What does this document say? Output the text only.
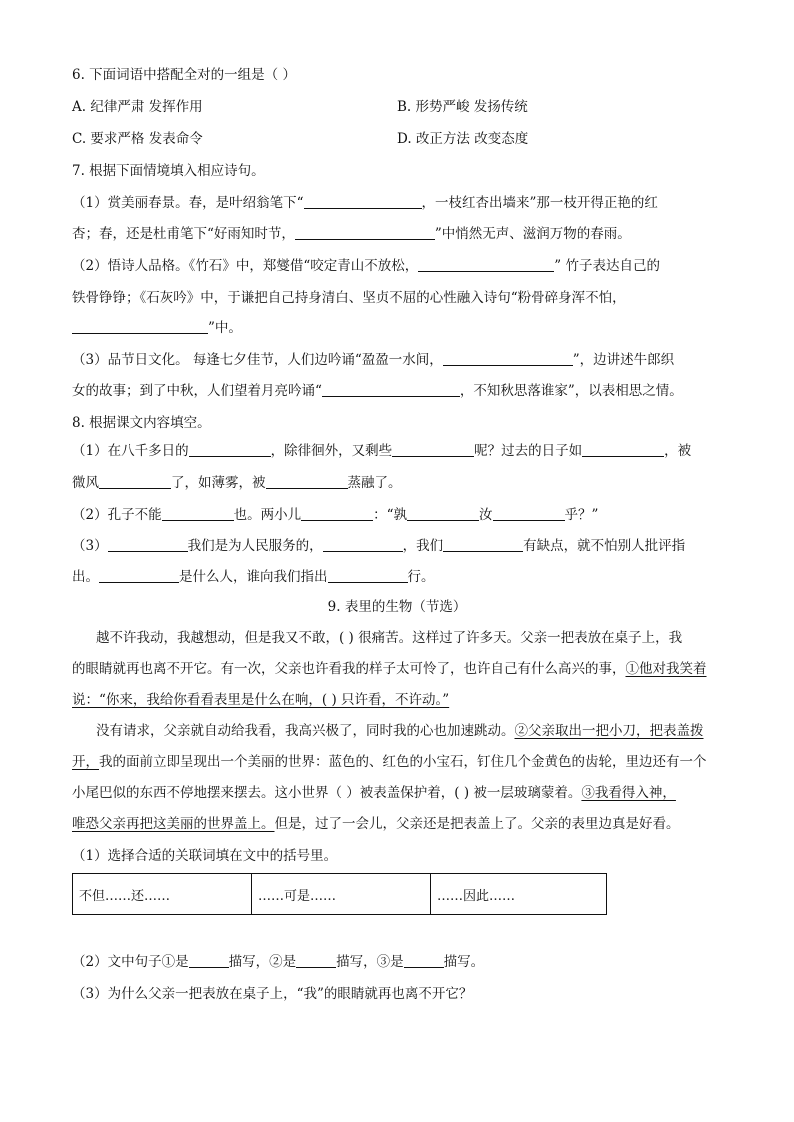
6. 下面词语中搭配全对的一组是（ ）
A. 纪律严肃 发挥作用	B. 形势严峻 发扬传统
C. 要求严格 发表命令	D. 改正方法 改变态度
7. 根据下面情境填入相应诗句。
（1）赏美丽春景。春，是叶绍翁笔下“	，一枝红杏出墙来”那一枝开得正艳的红
杏；春，还是杜甫笔下“好雨知时节，	”中悄然无声、滋润万物的春雨。
（2）悟诗人品格。《竹石》中，郑燮借“咬定青山不放松，	” 竹子表达自己的
铁骨铮铮；《石灰吟》中，于谦把自己持身清白、坚贞不屈的心性融入诗句“粉骨碎身浑不怕，
”中。
（3）品节日文化。 每逢七夕佳节，人们边吟诵“盈盈一水间，	”，边讲述牛郎织
女的故事；到了中秋，人们望着月亮吟诵“	，不知秋思落谁家”，以表相思之情。
8. 根据课文内容填空。
（1）在八千多日的	，除徘徊外，又剩些	呢？过去的日子如	，被
微风	了，如薄雾，被	蒸融了。
（2）孔子不能	也。两小儿	：“孰	汝	乎？”
（3）	我们是为人民服务的，	，我们	有缺点，就不怕别人批评指
出。	是什么人，谁向我们指出	行。
9. 表里的生物（节选）
越不许我动，我越想动，但是我又不敢，( ) 很痛苦。这样过了许多天。父亲一把表放在桌子上，我
的眼睛就再也离不开它。有一次，父亲也许看我的样子太可怜了，也许自己有什么高兴的事，①他对我笑着
说：“你来，我给你看看表里是什么在响，( ) 只许看，不许动。”
没有请求，父亲就自动给我看，我高兴极了，同时我的心也加速跳动。②父亲取出一把小刀，把表盖拨
开，我的面前立即呈现出一个美丽的世界：蓝色的、红色的小宝石，钉住几个金黄色的齿轮，里边还有一个
小尾巴似的东西不停地摆来摆去。这小世界（ ）被表盖保护着，( ) 被一层玻璃蒙着。③我看得入神，
唯恐父亲再把这美丽的世界盖上。但是，过了一会儿，父亲还是把表盖上了。父亲的表里边真是好看。
（1）选择合适的关联词填在文中的括号里。
不但……还……	……可是……	……因此……
（2）文中句子①是	描写，②是	描写，③是	描写。
（3）为什么父亲一把表放在桌子上，“我”的眼睛就再也离不开它？
